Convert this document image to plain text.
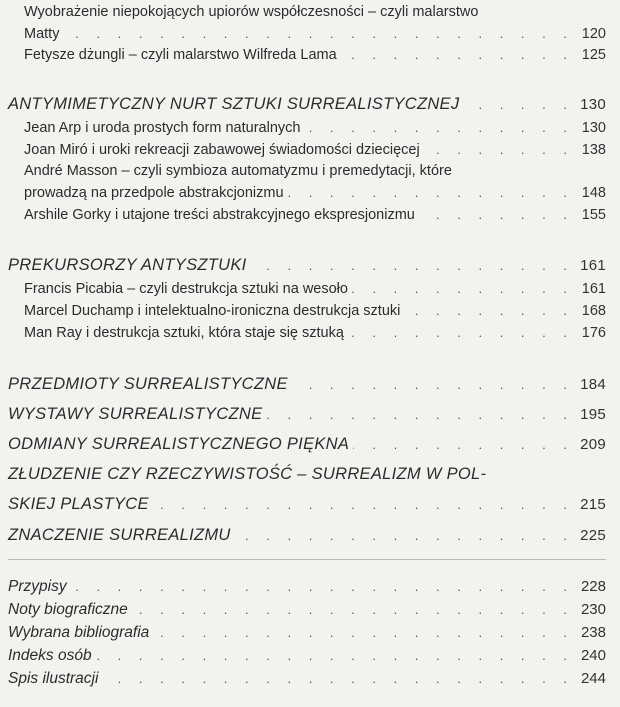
Wyobrażenie niepokojących upiorów współczesności – czyli malarstwo
Matty . . .	120
Fetysze dżungli – czyli malarstwo Wilfreda Lama . . .	125
ANTYMIMETYCZNY NURT SZTUKI SURREALISTYCZNEJ . . .	130
Jean Arp i uroda prostych form naturalnych . . .	130
Joan Miró i uroki rekreacji zabawowej świadomości dziecięcej . . .	138
André Masson – czyli symbioza automatyzmu i premedytacji, które
prowadzą na przedpole abstrakcjonizmu . . .	148
Arshile Gorky i utajone treści abstrakcyjnego ekspresjonizmu . . .	155
PREKURSORZY ANTYSZTUKI . . .	161
Francis Picabia – czyli destrukcja sztuki na wesoło . . .	161
Marcel Duchamp i intelektualno-ironiczna destrukcja sztuki . . .	168
Man Ray i destrukcja sztuki, która staje się sztuką . . .	176
PRZEDMIOTY SURREALISTYCZNE . . .	184
WYSTAWY SURREALISTYCZNE . . .	195
ODMIANY SURREALISTYCZNEGO PIĘKNA . . .	209
ZŁUDZENIE CZY RZECZYWISTOŚĆ – SURREALIZM W POL-
SKIEJ PLASTYCE . . .	215
ZNACZENIE SURREALIZMU . . .	225
Przypisy . . .	228
Noty biograficzne . . .	230
Wybrana bibliografia . . .	238
Indeks osób . . .	240
Spis ilustracji . . .	244
